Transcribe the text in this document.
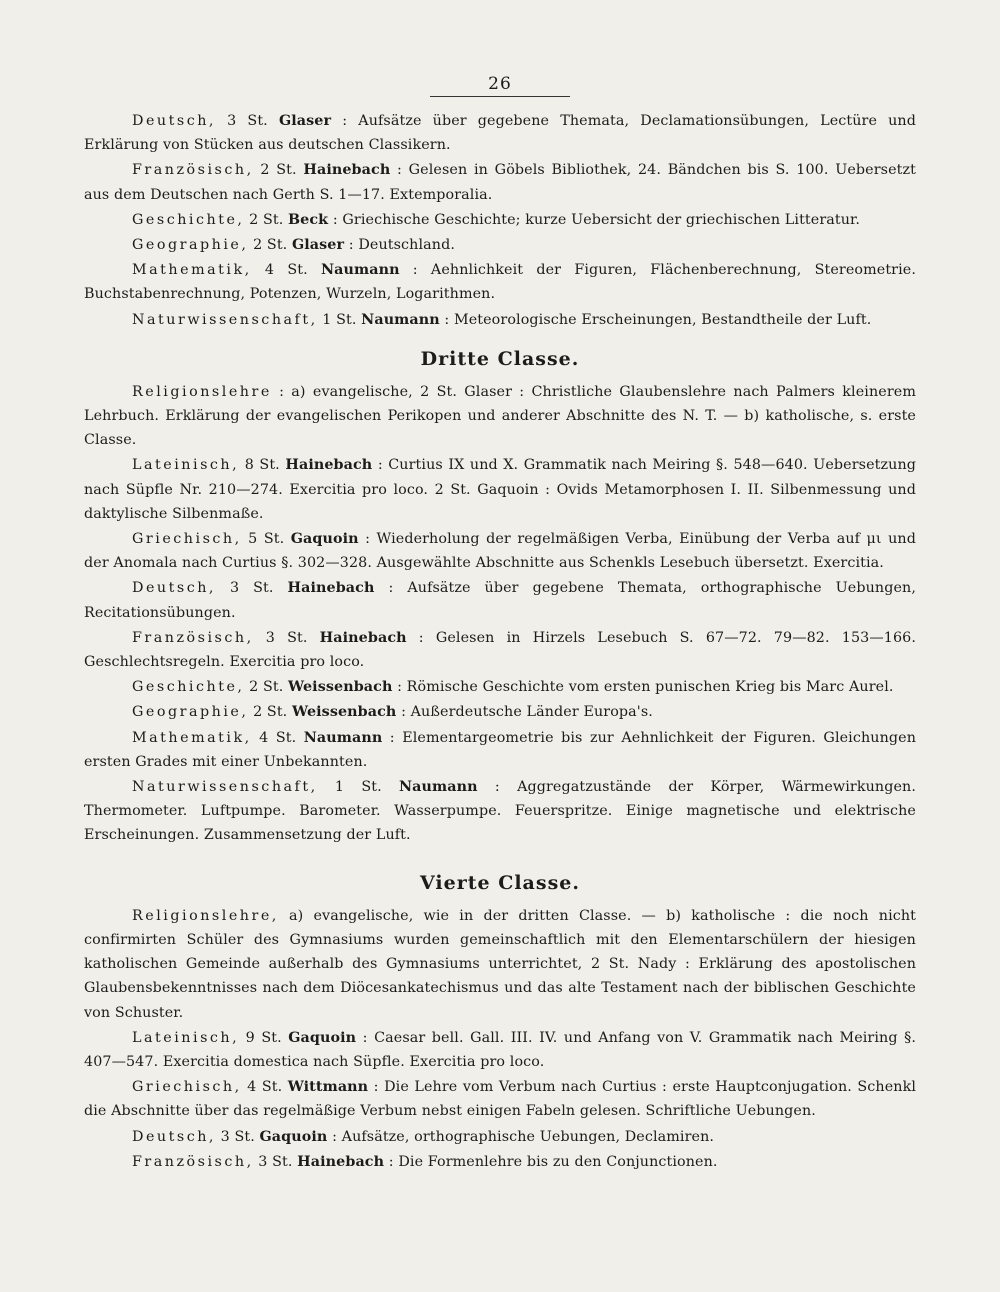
26

Deutsch, 3 St. Glaser : Aufsätze über gegebene Themata, Declamationsübungen, Lectüre und Erklärung von Stücken aus deutschen Classikern.

Französisch, 2 St. Hainebach : Gelesen in Göbels Bibliothek, 24. Bändchen bis S. 100. Uebersetzt aus dem Deutschen nach Gerth S. 1—17. Extemporalia.

Geschichte, 2 St. Beck : Griechische Geschichte; kurze Uebersicht der griechischen Litteratur.

Geographie, 2 St. Glaser : Deutschland.

Mathematik, 4 St. Naumann : Aehnlichkeit der Figuren, Flächenberechnung, Stereometrie. Buchstabenrechnung, Potenzen, Wurzeln, Logarithmen.

Naturwissenschaft, 1 St. Naumann : Meteorologische Erscheinungen, Bestandtheile der Luft.

Dritte Classe.

Religionslehre : a) evangelische, 2 St. Glaser : Christliche Glaubenslehre nach Palmers kleinerem Lehrbuch. Erklärung der evangelischen Perikopen und anderer Abschnitte des N. T. — b) katholische, s. erste Classe.

Lateinisch, 8 St. Hainebach : Curtius IX und X. Grammatik nach Meiring §. 548—640. Uebersetzung nach Süpfle Nr. 210—274. Exercitia pro loco. 2 St. Gaquoin : Ovids Metamorphosen I. II. Silbenmessung und daktylische Silbenmaße.

Griechisch, 5 St. Gaquoin : Wiederholung der regelmäßigen Verba, Einübung der Verba auf μι und der Anomala nach Curtius §. 302—328. Ausgewählte Abschnitte aus Schenkls Lesebuch übersetzt. Exercitia.

Deutsch, 3 St. Hainebach : Aufsätze über gegebene Themata, orthographische Uebungen, Recitationsübungen.

Französisch, 3 St. Hainebach : Gelesen in Hirzels Lesebuch S. 67—72. 79—82. 153—166. Geschlechtsregeln. Exercitia pro loco.

Geschichte, 2 St. Weissenbach : Römische Geschichte vom ersten punischen Krieg bis Marc Aurel.

Geographie, 2 St. Weissenbach : Außerdeutsche Länder Europa's.

Mathematik, 4 St. Naumann : Elementargeometrie bis zur Aehnlichkeit der Figuren. Gleichungen ersten Grades mit einer Unbekannten.

Naturwissenschaft, 1 St. Naumann : Aggregatzustände der Körper, Wärmewirkungen. Thermometer. Luftpumpe. Barometer. Wasserpumpe. Feuerspritze. Einige magnetische und elektrische Erscheinungen. Zusammensetzung der Luft.

Vierte Classe.

Religionslehre, a) evangelische, wie in der dritten Classe. — b) katholische : die noch nicht confirmirten Schüler des Gymnasiums wurden gemeinschaftlich mit den Elementarschülern der hiesigen katholischen Gemeinde außerhalb des Gymnasiums unterrichtet, 2 St. Nady : Erklärung des apostolischen Glaubensbekenntnisses nach dem Diöcesankatechismus und das alte Testament nach der biblischen Geschichte von Schuster.

Lateinisch, 9 St. Gaquoin : Caesar bell. Gall. III. IV. und Anfang von V. Grammatik nach Meiring §. 407—547. Exercitia domestica nach Süpfle. Exercitia pro loco.

Griechisch, 4 St. Wittmann : Die Lehre vom Verbum nach Curtius : erste Hauptconjugation. Schenkl die Abschnitte über das regelmäßige Verbum nebst einigen Fabeln gelesen. Schriftliche Uebungen.

Deutsch, 3 St. Gaquoin : Aufsätze, orthographische Uebungen, Declamiren.

Französisch, 3 St. Hainebach : Die Formenlehre bis zu den Conjunctionen.
